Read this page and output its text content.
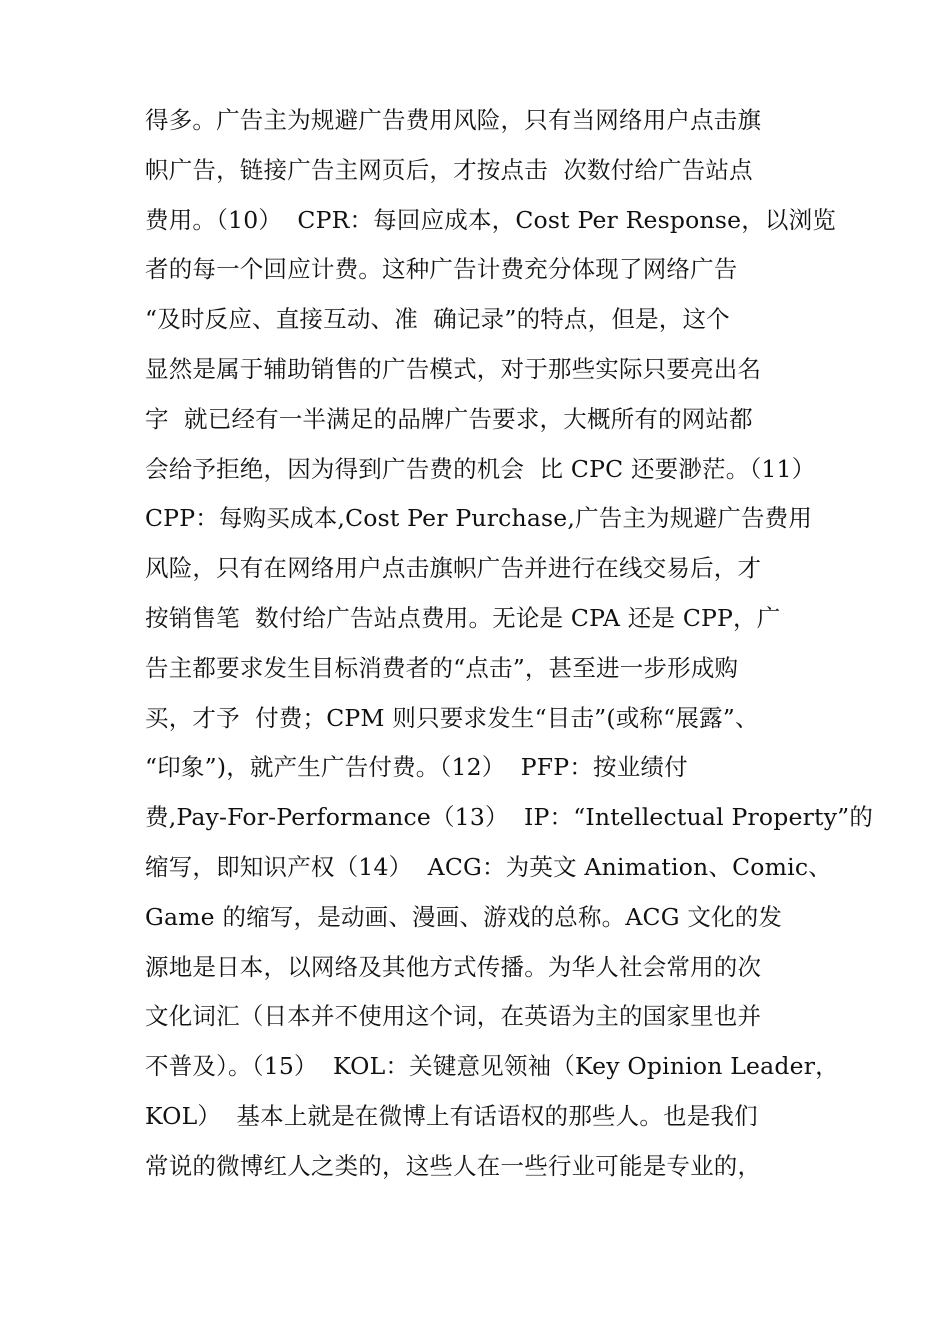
得多。广告主为规避广告费用风险，只有当网络用户点击旗
帜广告，链接广告主网页后，才按点击  次数付给广告站点
费用。（10）  CPR：每回应成本，Cost Per Response，以浏览
者的每一个回应计费。这种广告计费充分体现了网络广告
“及时反应、直接互动、准  确记录”的特点，但是，这个
显然是属于辅助销售的广告模式，对于那些实际只要亮出名
字  就已经有一半满足的品牌广告要求，大概所有的网站都
会给予拒绝，因为得到广告费的机会  比 CPC 还要渺茫。（11）
CPP：每购买成本,Cost Per Purchase,广告主为规避广告费用
风险，只有在网络用户点击旗帜广告并进行在线交易后，才
按销售笔  数付给广告站点费用。无论是 CPA 还是 CPP，广
告主都要求发生目标消费者的“点击”，甚至进一步形成购
买，才予  付费；CPM 则只要求发生“目击”(或称“展露”、
“印象”)，就产生广告付费。（12）  PFP：按业绩付
费,Pay-For-Performance（13）  IP：“Intellectual Property”的
缩写，即知识产权（14）  ACG：为英文 Animation、Comic、
Game 的缩写，是动画、漫画、游戏的总称。ACG 文化的发
源地是日本，以网络及其他方式传播。为华人社会常用的次
文化词汇（日本并不使用这个词，在英语为主的国家里也并
不普及）。（15）  KOL：关键意见领袖（Key Opinion Leader，
KOL）  基本上就是在微博上有话语权的那些人。也是我们
常说的微博红人之类的，这些人在一些行业可能是专业的，
